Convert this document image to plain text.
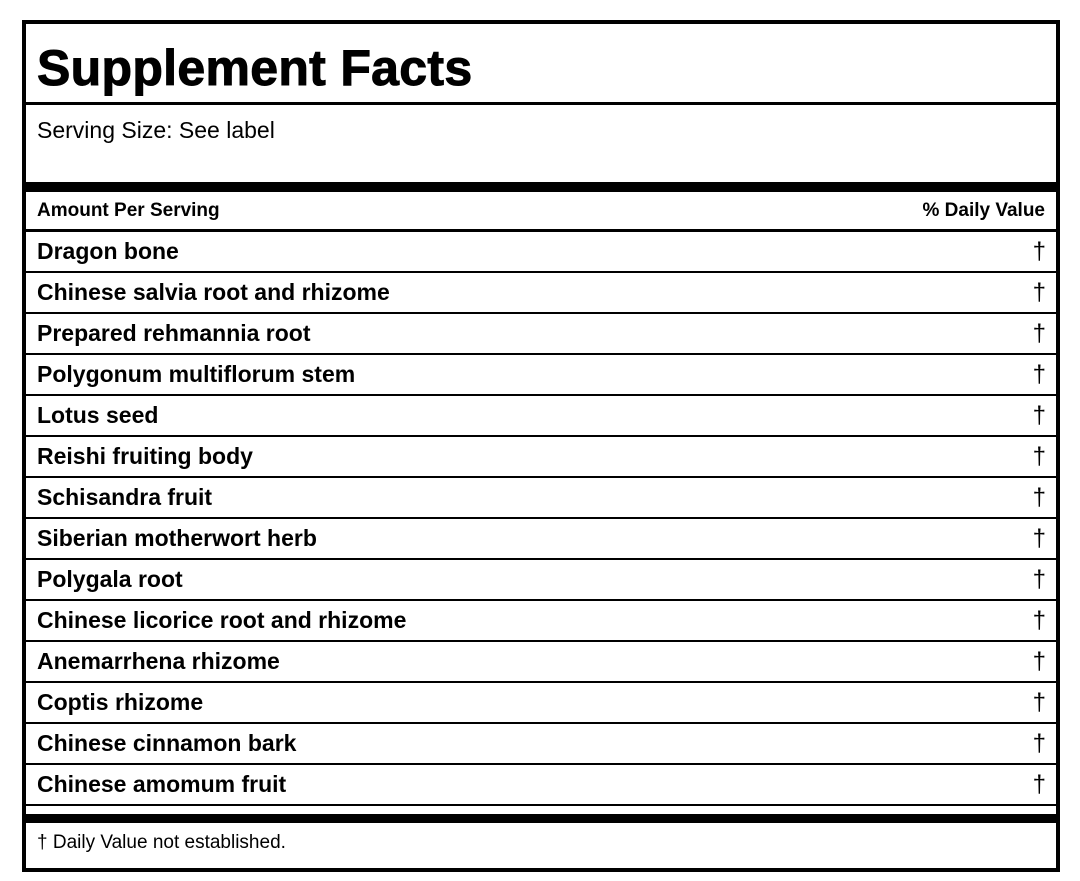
Supplement Facts
Serving Size: See label
Amount Per Serving	% Daily Value
Dragon bone	†
Chinese salvia root and rhizome	†
Prepared rehmannia root	†
Polygonum multiflorum stem	†
Lotus seed	†
Reishi fruiting body	†
Schisandra fruit	†
Siberian motherwort herb	†
Polygala root	†
Chinese licorice root and rhizome	†
Anemarrhena rhizome	†
Coptis rhizome	†
Chinese cinnamon bark	†
Chinese amomum fruit	†
† Daily Value not established.
